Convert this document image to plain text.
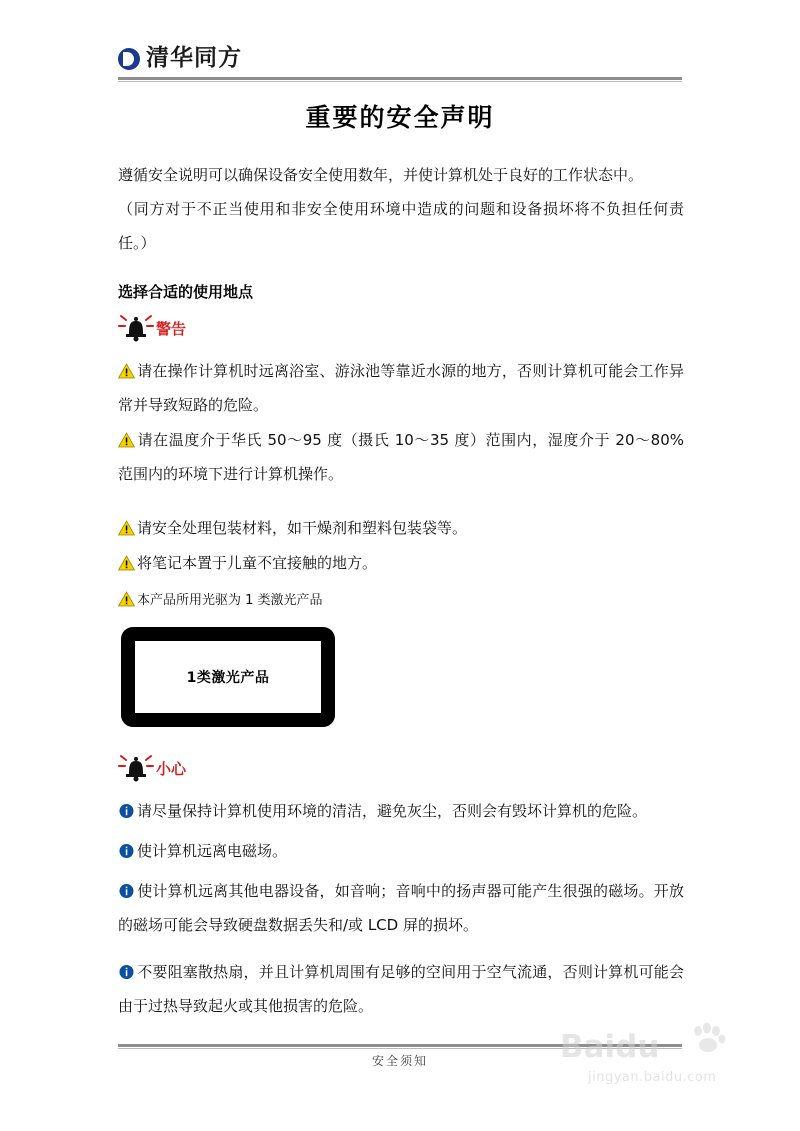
清华同方
重要的安全声明
遵循安全说明可以确保设备安全使用数年，并使计算机处于良好的工作状态中。
（同方对于不正当使用和非安全使用环境中造成的问题和设备损坏将不负担任何责任。）
选择合适的使用地点
警告
请在操作计算机时远离浴室、游泳池等靠近水源的地方，否则计算机可能会工作异常并导致短路的危险。
请在温度介于华氏 50～95 度（摄氏 10～35 度）范围内，湿度介于 20～80% 范围内的环境下进行计算机操作。
请安全处理包装材料，如干燥剂和塑料包装袋等。
将笔记本置于儿童不宜接触的地方。
本产品所用光驱为 1 类激光产品
1类激光产品
小心
请尽量保持计算机使用环境的清洁，避免灰尘，否则会有毁坏计算机的危险。
使计算机远离电磁场。
使计算机远离其他电器设备，如音响；音响中的扬声器可能产生很强的磁场。开放的磁场可能会导致硬盘数据丢失和/或 LCD 屏的损坏。
不要阻塞散热扇，并且计算机周围有足够的空间用于空气流通，否则计算机可能会由于过热导致起火或其他损害的危险。
安全须知	Baidu
jingyan.baidu.com
